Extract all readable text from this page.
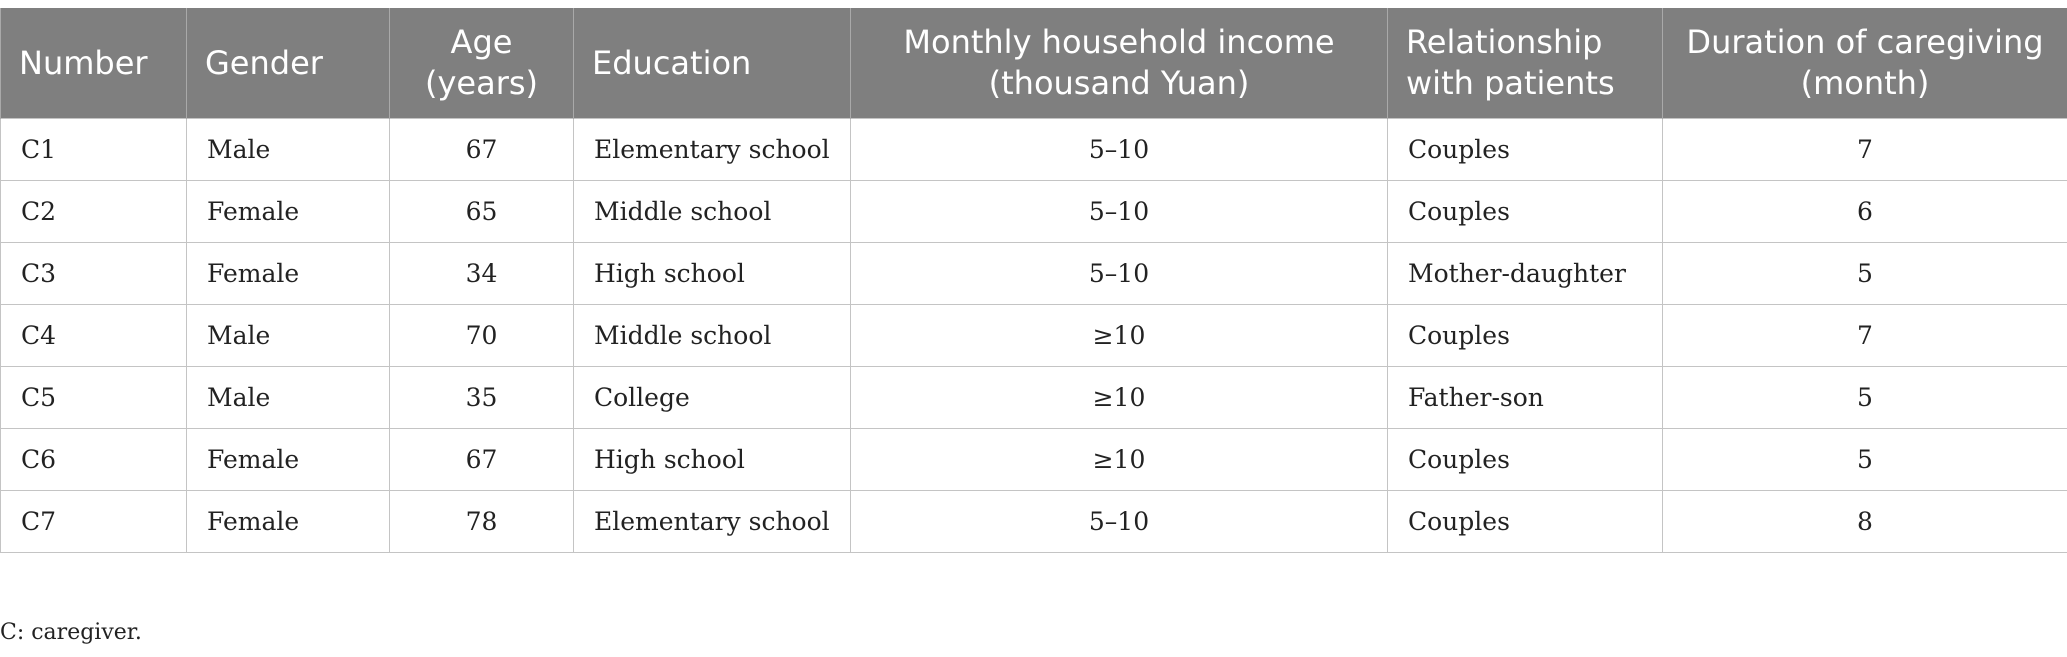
Number	Gender	Age (years)	Education	Monthly household income (thousand Yuan)	Relationship with patients	Duration of caregiving (month)
C1	Male	67	Elementary school	5–10	Couples	7
C2	Female	65	Middle school	5–10	Couples	6
C3	Female	34	High school	5–10	Mother-daughter	5
C4	Male	70	Middle school	≥10	Couples	7
C5	Male	35	College	≥10	Father-son	5
C6	Female	67	High school	≥10	Couples	5
C7	Female	78	Elementary school	5–10	Couples	8
C: caregiver.
